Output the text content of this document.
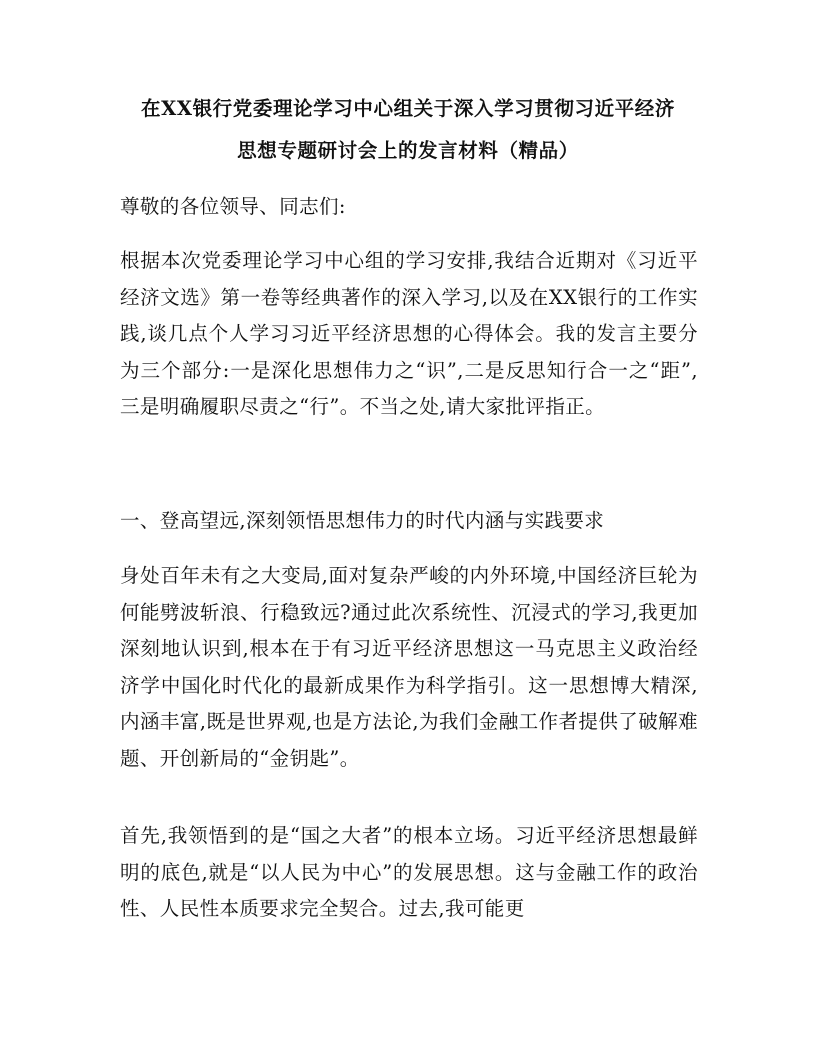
在XX银行党委理论学习中心组关于深入学习贯彻习近平经济
思想专题研讨会上的发言材料（精品）

尊敬的各位领导、同志们:

根据本次党委理论学习中心组的学习安排,我结合近期对《习近平经济文选》第一卷等经典著作的深入学习,以及在XX银行的工作实践,谈几点个人学习习近平经济思想的心得体会。我的发言主要分为三个部分:一是深化思想伟力之“识”,二是反思知行合一之“距”,三是明确履职尽责之“行”。不当之处,请大家批评指正。

一、登高望远,深刻领悟思想伟力的时代内涵与实践要求

身处百年未有之大变局,面对复杂严峻的内外环境,中国经济巨轮为何能劈波斩浪、行稳致远?通过此次系统性、沉浸式的学习,我更加深刻地认识到,根本在于有习近平经济思想这一马克思主义政治经济学中国化时代化的最新成果作为科学指引。这一思想博大精深,内涵丰富,既是世界观,也是方法论,为我们金融工作者提供了破解难题、开创新局的“金钥匙”。

首先,我领悟到的是“国之大者”的根本立场。习近平经济思想最鲜明的底色,就是“以人民为中心”的发展思想。这与金融工作的政治性、人民性本质要求完全契合。过去,我可能更
